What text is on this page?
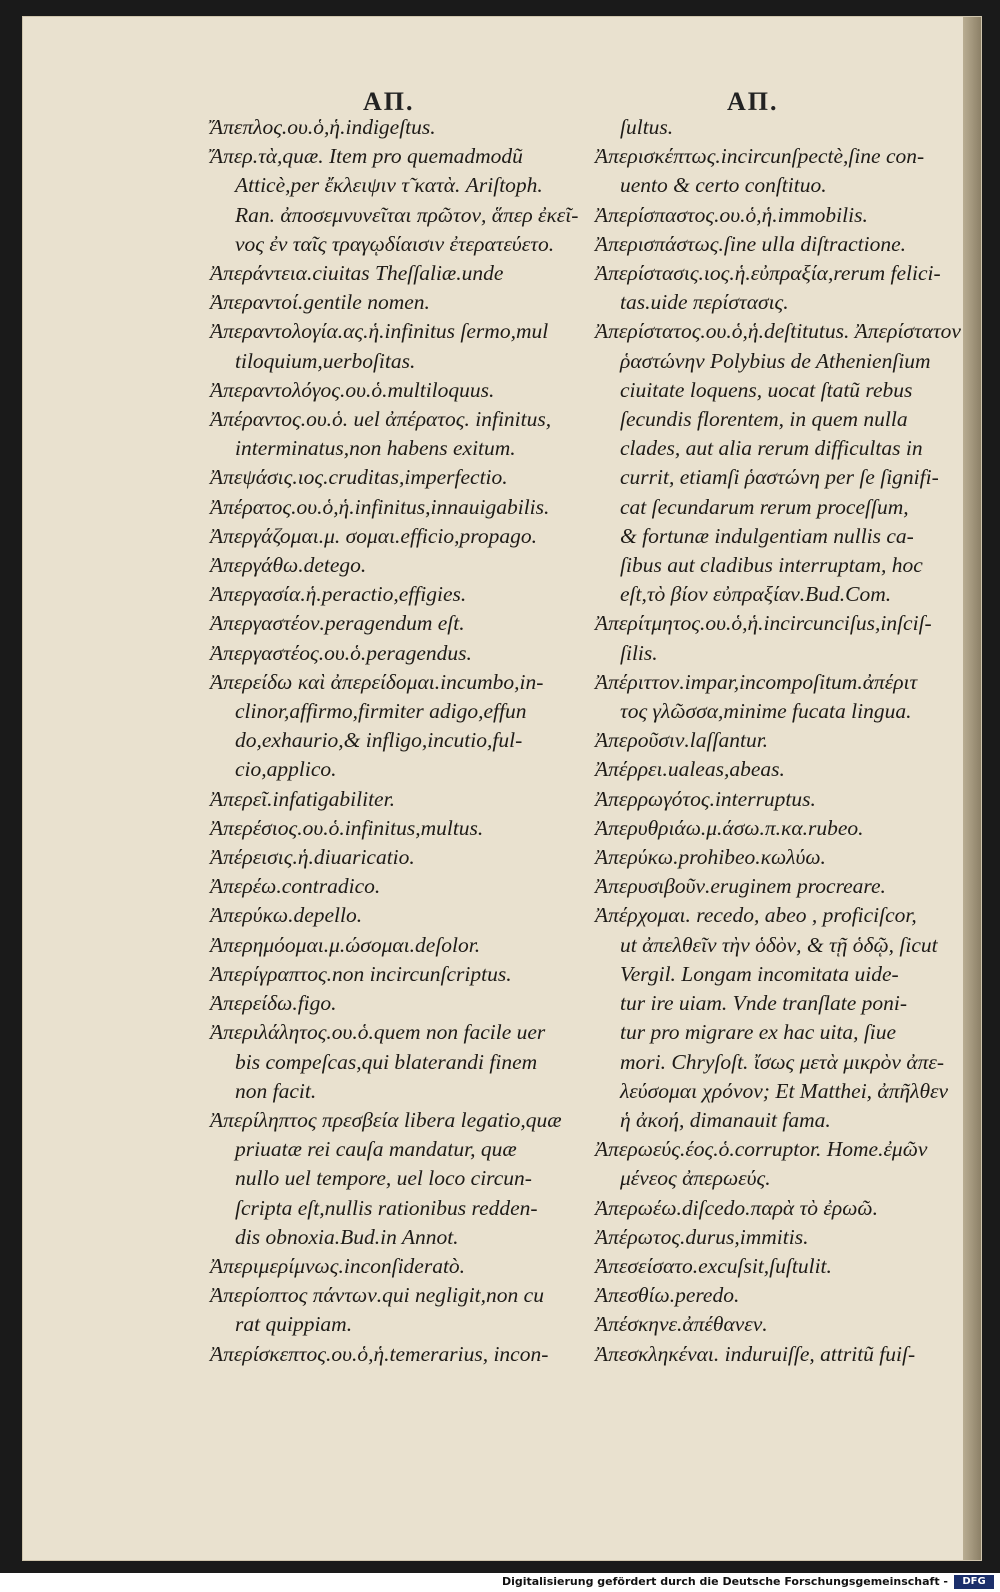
ΑΠ.	ΑΠ.
Ἄπεπλος.ου.ὁ,ἡ.indigeſtus.
Ἄπερ.τὰ,quæ. Item pro quemadmodũ
Atticè,per ἔκλειψιν τ̃ κατὰ. Ariſtoph.
Ran. ἀποσεμνυνεῖται πρῶτον, ἅπερ ἐκεῖ-
νος ἐν ταῖς τραγῳδίαισιν ἐτερατεύετο.
Ἀπεράντεια.ciuitas Theſſaliæ.unde
Ἀπεραντοί.gentile nomen.
Ἀπεραντολογία.ας.ἡ.infinitus ſermo,mul
tiloquium,uerboſitas.
Ἀπεραντολόγος.ου.ὁ.multiloquus.
Ἀπέραντος.ου.ὁ. uel ἀπέρατος. infinitus,
interminatus,non habens exitum.
Ἀπεψάσις.ιος.cruditas,imperfectio.
Ἀπέρατος.ου.ὁ,ἡ.infinitus,innauigabilis.
Ἀπεργάζομαι.μ. σομαι.efficio,propago.
Ἀπεργάθω.detego.
Ἀπεργασία.ἡ.peractio,effigies.
Ἀπεργαστέον.peragendum eſt.
Ἀπεργαστέος.ου.ὁ.peragendus.
Ἀπερείδω καὶ ἀπερείδομαι.incumbo,in-
clinor,affirmo,firmiter adigo,effun
do,exhaurio,& infligo,incutio,ful-
cio,applico.
Ἀπερεῖ.infatigabiliter.
Ἀπερέσιος.ου.ὁ.infinitus,multus.
Ἀπέρεισις.ἡ.diuaricatio.
Ἀπερέω.contradico.
Ἀπερύκω.depello.
Ἀπερημόομαι.μ.ώσομαι.deſolor.
Ἀπερίγραπτος.non incircunſcriptus.
Ἀπερείδω.figo.
Ἀπεριλάλητος.ου.ὁ.quem non facile uer
bis compeſcas,qui blaterandi finem
non facit.
Ἀπερίληπτος πρεσβεία libera legatio,quæ
priuatæ rei cauſa mandatur, quæ
nullo uel tempore, uel loco circun-
ſcripta eſt,nullis rationibus redden-
dis obnoxia.Bud.in Annot.
Ἀπεριμερίμνως.inconſideratò.
Ἀπερίοπτος πάντων.qui negligit,non cu
rat quippiam.
Ἀπερίσκεπτος.ου.ὁ,ἡ.temerarius, incon-
ſultus.
Ἀπερισκέπτως.incircunſpectè,ſine con-
uento & certo conſtituo.
Ἀπερίσπαστος.ου.ὁ,ἡ.immobilis.
Ἀπερισπάστως.ſine ulla diſtractione.
Ἀπερίστασις.ιος.ἡ.εὐπραξία,rerum felici-
tas.uide περίστασις.
Ἀπερίστατος.ου.ὁ,ἡ.deſtitutus. Ἀπερίστατον
ῥαστώνην Polybius de Athenienſium
ciuitate loquens, uocat ſtatũ rebus
ſecundis florentem, in quem nulla
clades, aut alia rerum difficultas in
currit, etiamſi ῥαστώνη per ſe ſignifi-
cat ſecundarum rerum proceſſum,
& fortunæ indulgentiam nullis ca-
ſibus aut cladibus interruptam, hoc
eſt,τὸ βίον εὐπραξίαν.Bud.Com.
Ἀπερίτμητος.ου.ὁ,ἡ.incircunciſus,inſciſ-
ſilis.
Ἀπέριττον.impar,incompoſitum.ἀπέριτ
τος γλῶσσα,minime fucata lingua.
Ἀπεροῦσιν.laſſantur.
Ἀπέρρει.ualeas,abeas.
Ἀπερρωγότος.interruptus.
Ἀπερυθριάω.μ.άσω.π.κα.rubeo.
Ἀπερύκω.prohibeo.κωλύω.
Ἀπερυσιβοῦν.eruginem procreare.
Ἀπέρχομαι. recedo, abeo , proficiſcor,
ut ἀπελθεῖν τὴν ὁδὸν, & τῇ ὁδῷ, ſicut
Vergil. Longam incomitata uide-
tur ire uiam. Vnde tranſlate poni-
tur pro migrare ex hac uita, ſiue
mori. Chryſoſt. ἴσως μετὰ μικρὸν ἀπε-
λεύσομαι χρόνον; Et Matthei, ἀπῆλθεν
ἡ ἀκοή, dimanauit fama.
Ἀπερωεύς.έος.ὁ.corruptor. Home.ἐμῶν
μένεος ἀπερωεύς.
Ἀπερωέω.diſcedo.παρὰ τὸ ἐρωῶ.
Ἀπέρωτος.durus,immitis.
Ἀπεσείσατο.excuſsit,ſuſtulit.
Ἀπεσθίω.peredo.
Ἀπέσκηνε.ἀπέθανεν.
Ἀπεσκληκέναι. induruiſſe, attritũ fuiſ-
Digitalisierung gefördert durch die Deutsche Forschungsgemeinschaft -	DFG
